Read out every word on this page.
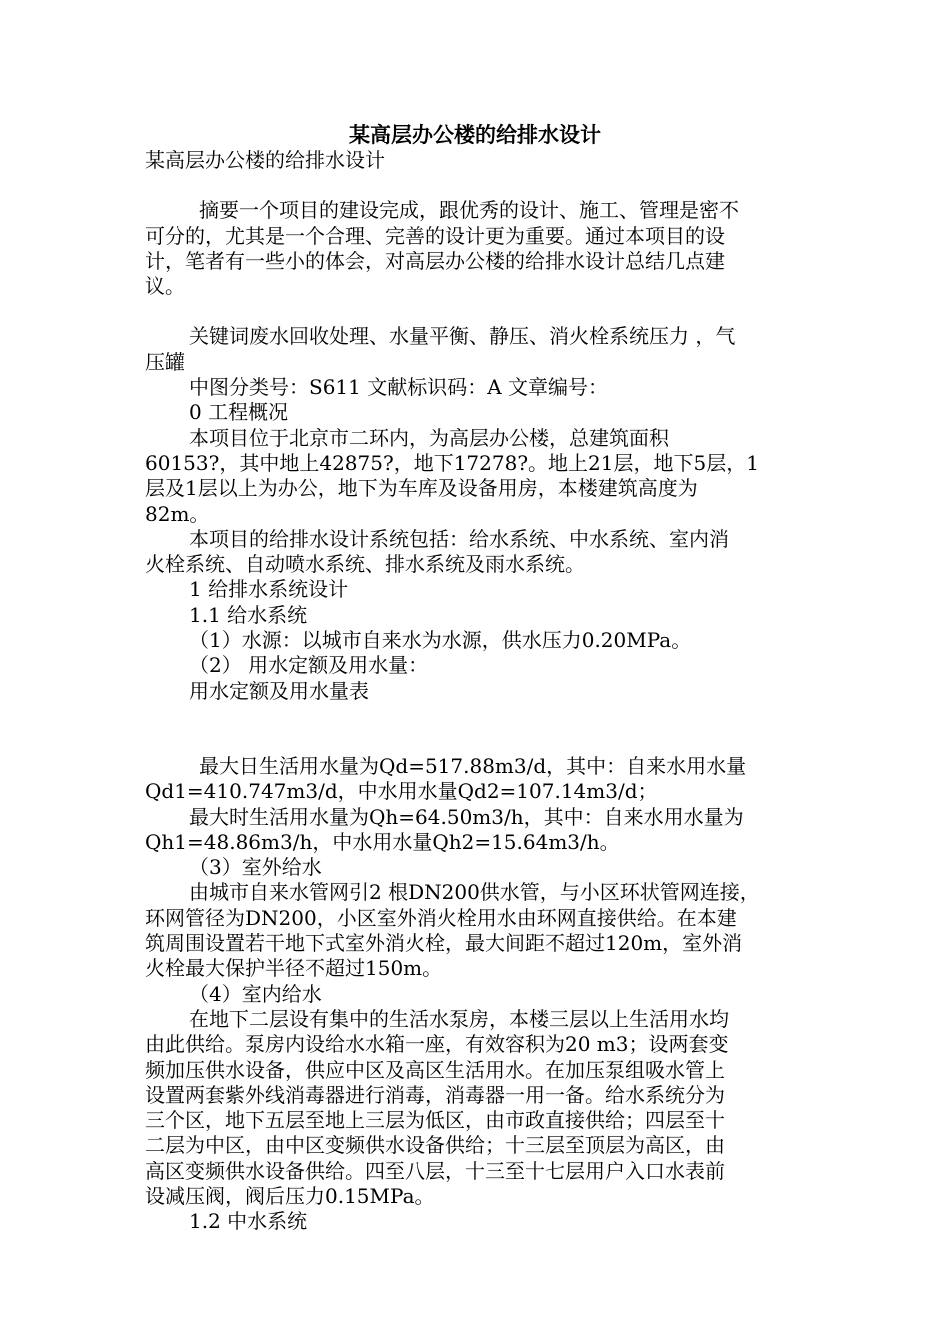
某高层办公楼的给排水设计

某高层办公楼的给排水设计

摘要一个项目的建设完成，跟优秀的设计、施工、管理是密不

可分的，尤其是一个合理、完善的设计更为重要。通过本项目的设

计，笔者有一些小的体会，对高层办公楼的给排水设计总结几点建

议。

关键词废水回收处理、水量平衡、静压、消火栓系统压力 ，气

压罐

中图分类号：S611 文献标识码：A 文章编号：

0 工程概况

本项目位于北京市二环内，为高层办公楼，总建筑面积

60153?，其中地上42875?，地下17278?。地上21层，地下5层，1

层及1层以上为办公，地下为车库及设备用房，本楼建筑高度为

82m。

本项目的给排水设计系统包括：给水系统、中水系统、室内消

火栓系统、自动喷水系统、排水系统及雨水系统。

1 给排水系统设计

1.1 给水系统

（1）水源：以城市自来水为水源，供水压力0.20MPa。

（2） 用水定额及用水量：

用水定额及用水量表

最大日生活用水量为Qd=517.88m3/d，其中：自来水用水量

Qd1=410.747m3/d，中水用水量Qd2=107.14m3/d；

最大时生活用水量为Qh=64.50m3/h，其中：自来水用水量为

Qh1=48.86m3/h，中水用水量Qh2=15.64m3/h。

（3）室外给水

由城市自来水管网引2 根DN200供水管，与小区环状管网连接，

环网管径为DN200，小区室外消火栓用水由环网直接供给。在本建

筑周围设置若干地下式室外消火栓，最大间距不超过120m，室外消

火栓最大保护半径不超过150m。

（4）室内给水

在地下二层设有集中的生活水泵房，本楼三层以上生活用水均

由此供给。泵房内设给水水箱一座，有效容积为20 m3；设两套变

频加压供水设备，供应中区及高区生活用水。在加压泵组吸水管上

设置两套紫外线消毒器进行消毒，消毒器一用一备。给水系统分为

三个区，地下五层至地上三层为低区，由市政直接供给；四层至十

二层为中区，由中区变频供水设备供给；十三层至顶层为高区，由

高区变频供水设备供给。四至八层，十三至十七层用户入口水表前

设减压阀，阀后压力0.15MPa。

1.2 中水系统
